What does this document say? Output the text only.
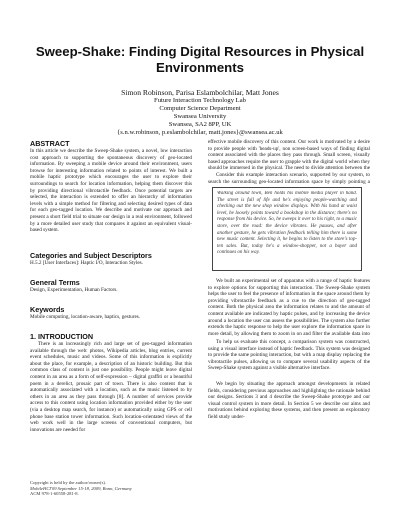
Sweep-Shake: Finding Digital Resources in Physical Environments
Simon Robinson, Parisa Eslambolchilar, Matt Jones
Future Interaction Technology Lab
Computer Science Department
Swansea University
Swansea, SA2 8PP, UK
{s.n.w.robinson, p.eslambolchilar, matt.jones}@swansea.ac.uk
ABSTRACT

In this article we describe the Sweep-Shake system, a novel, low interaction cost approach to supporting the spontaneous discovery of geo-located information. By sweeping a mobile device around their environment, users browse for interesting information related to points of interest. We built a mobile haptic prototype which encourages the user to explore their surroundings to search for location information, helping them discover this by providing directional vibrotactile feedback. Once potential targets are selected, the interaction is extended to offer an hierarchy of information levels with a simple method for filtering and selecting desired types of data for each geo-tagged location. We describe and motivate our approach and present a short field trial to situate our design in a real environment, followed by a more detailed user study that compares it against an equivalent visual-based system.

Categories and Subject Descriptors

H.5.2 [User Interfaces]: Haptic I/O, Interaction Styles.

General Terms

Design, Experimentation, Human Factors.

Keywords

Mobile computing, location-aware, haptics, gestures.

1. INTRODUCTION

There is an increasingly rich and large set of geo-tagged information available through the web: photos, Wikipedia articles, blog entries, current event schedules, music and videos. Some of this information is explicitly about the place, for example, a description of an historic building. But this common class of content is just one possibility. People might leave digital content in an area as a form of self-expression – digital graffiti or a beautiful poem in a derelict, prosaic part of town. There is also content that is automatically associated with a location, such as the music listened to by others in an area as they pass through [8]. A number of services provide access to this content using location information provided either by the user (via a desktop map search, for instance) or automatically using GPS or cell phone base station tower information. Such location-orientated views of the web work well in the large screens of conventional computers, but innovations are needed for

Copyright is held by the author/owner(s).
MobileHCI'09 September 15-18, 2009, Bonn, Germany
ACM 978-1-60558-281-8.

effective mobile discovery of this content. Our work is motivated by a desire to provide people with 'heads-up', non screen-based ways of finding digital content associated with the places they pass through. Small screen, visually based approaches require the user to grapple with the digital world when they should be immersed in the physical. The need to divide attention between the

Consider this example interaction scenario, supported by our system, to search the surrounding geo-located information space by simply pointing a

Walking around town, Ben holds his mobile media player in hand. The street is full of life and he's enjoying people-watching and checking out the new shop window displays. With his hand at waist level, he loosely points toward a bookshop in the distance; there's no response from his device. So, he sweeps it over to his right, to a music store, over the road: the device vibrates. He pauses, and after another gesture, he gets vibration feedback telling him there is some new music content. Selecting it, he begins to listen to the store's top-ten sales. But, today he's a window-shopper, not a buyer and continues on his way.

We built an experimental set of apparatus with a range of haptic features to explore options for supporting this interaction. The Sweep-Shake system helps the user to feel the presence of information in the space around them by providing vibrotactile feedback as a cue to the direction of geo-tagged content. Both the physical area the information relates to and the amount of content available are indicated by haptic pulses, and by increasing the device around a location the user can assess the possibilities. The system also further extends the haptic response to help the user explore the information space in more detail, by allowing them to zoom in on and filter the available data into

To help us evaluate this concept, a comparison system was constructed, using a visual interface instead of haptic feedback. This system was designed to provide the same pointing interaction, but with a map display replacing the vibrotactile pulses, allowing us to compare several usability aspects of the Sweep-Shake system against a visible alternative interface.

We begin by situating the approach amongst developments in related fields, considering previous approaches and highlighting the rationale behind our designs. Sections 3 and 4 describe the Sweep-Shake prototype and our visual control system in more detail. In Section 5 we describe our aims and motivations behind exploring these systems, and then present an exploratory field study under-
